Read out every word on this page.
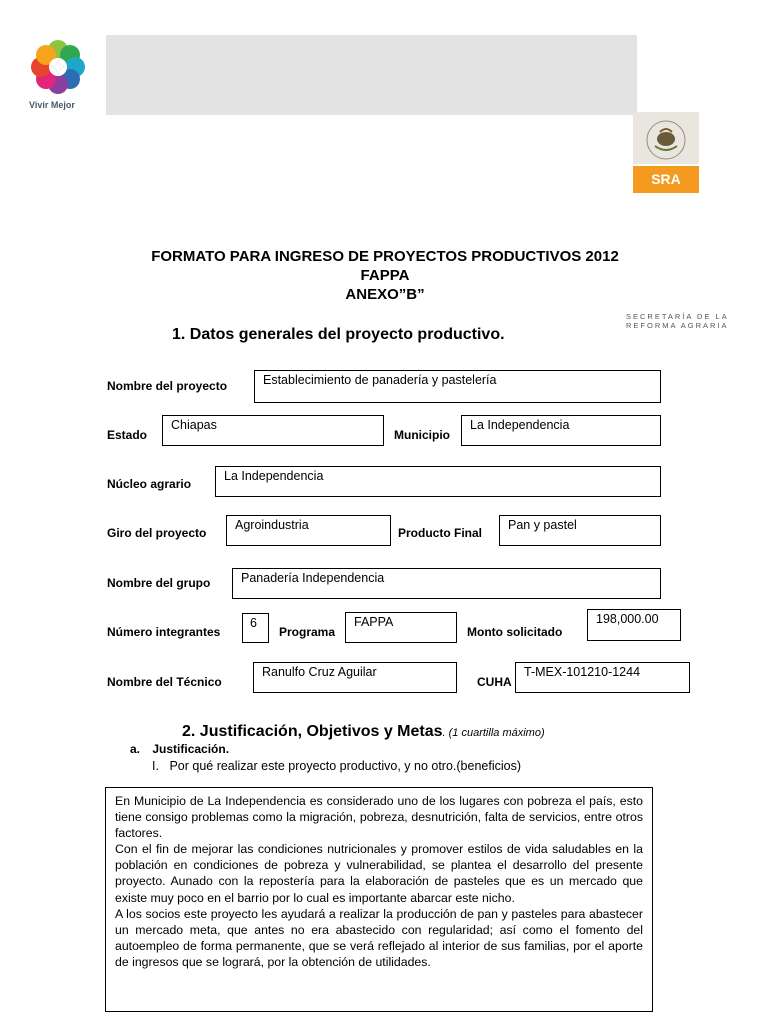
Vivir Mejor
SRA
SECRETARÍA DE LA
REFORMA AGRARIA
FORMATO PARA INGRESO DE PROYECTOS PRODUCTIVOS 2012
FAPPA
ANEXO”B”
1. Datos generales del proyecto productivo.
Nombre del proyecto	Establecimiento de panadería y pastelería
Estado
Chiapas
Municipio
La Independencia
Núcleo agrario
La Independencia
Giro del proyecto
Agroindustria
Producto Final
Pan y pastel
Nombre del grupo	Panadería Independencia
Número integrantes
6
Programa
FAPPA
Monto solicitado
198,000.00
Nombre del Técnico
Ranulfo Cruz Aguilar
CUHA
T-MEX-101210-1244
2. Justificación, Objetivos y Metas. (1 cuartilla máximo)
a. Justificación.
I. Por qué realizar este proyecto productivo, y no otro.(beneficios)
En Municipio de La Independencia es considerado uno de los lugares con pobreza el país, esto tiene consigo problemas como la migración, pobreza, desnutrición, falta de servicios, entre otros factores.
Con el fin de mejorar las condiciones nutricionales y promover estilos de vida saludables en la población en condiciones de pobreza y vulnerabilidad, se plantea el desarrollo del presente proyecto. Aunado con la repostería para la elaboración de pasteles que es un mercado que existe muy poco en el barrio por lo cual es importante abarcar este nicho.
A los socios este proyecto les ayudará a realizar la producción de pan y pasteles para abastecer un mercado meta, que antes no era abastecido con regularidad; así como el fomento del autoempleo de forma permanente, que se verá reflejado al interior de sus familias, por el aporte de ingresos que se logrará, por la obtención de utilidades.
